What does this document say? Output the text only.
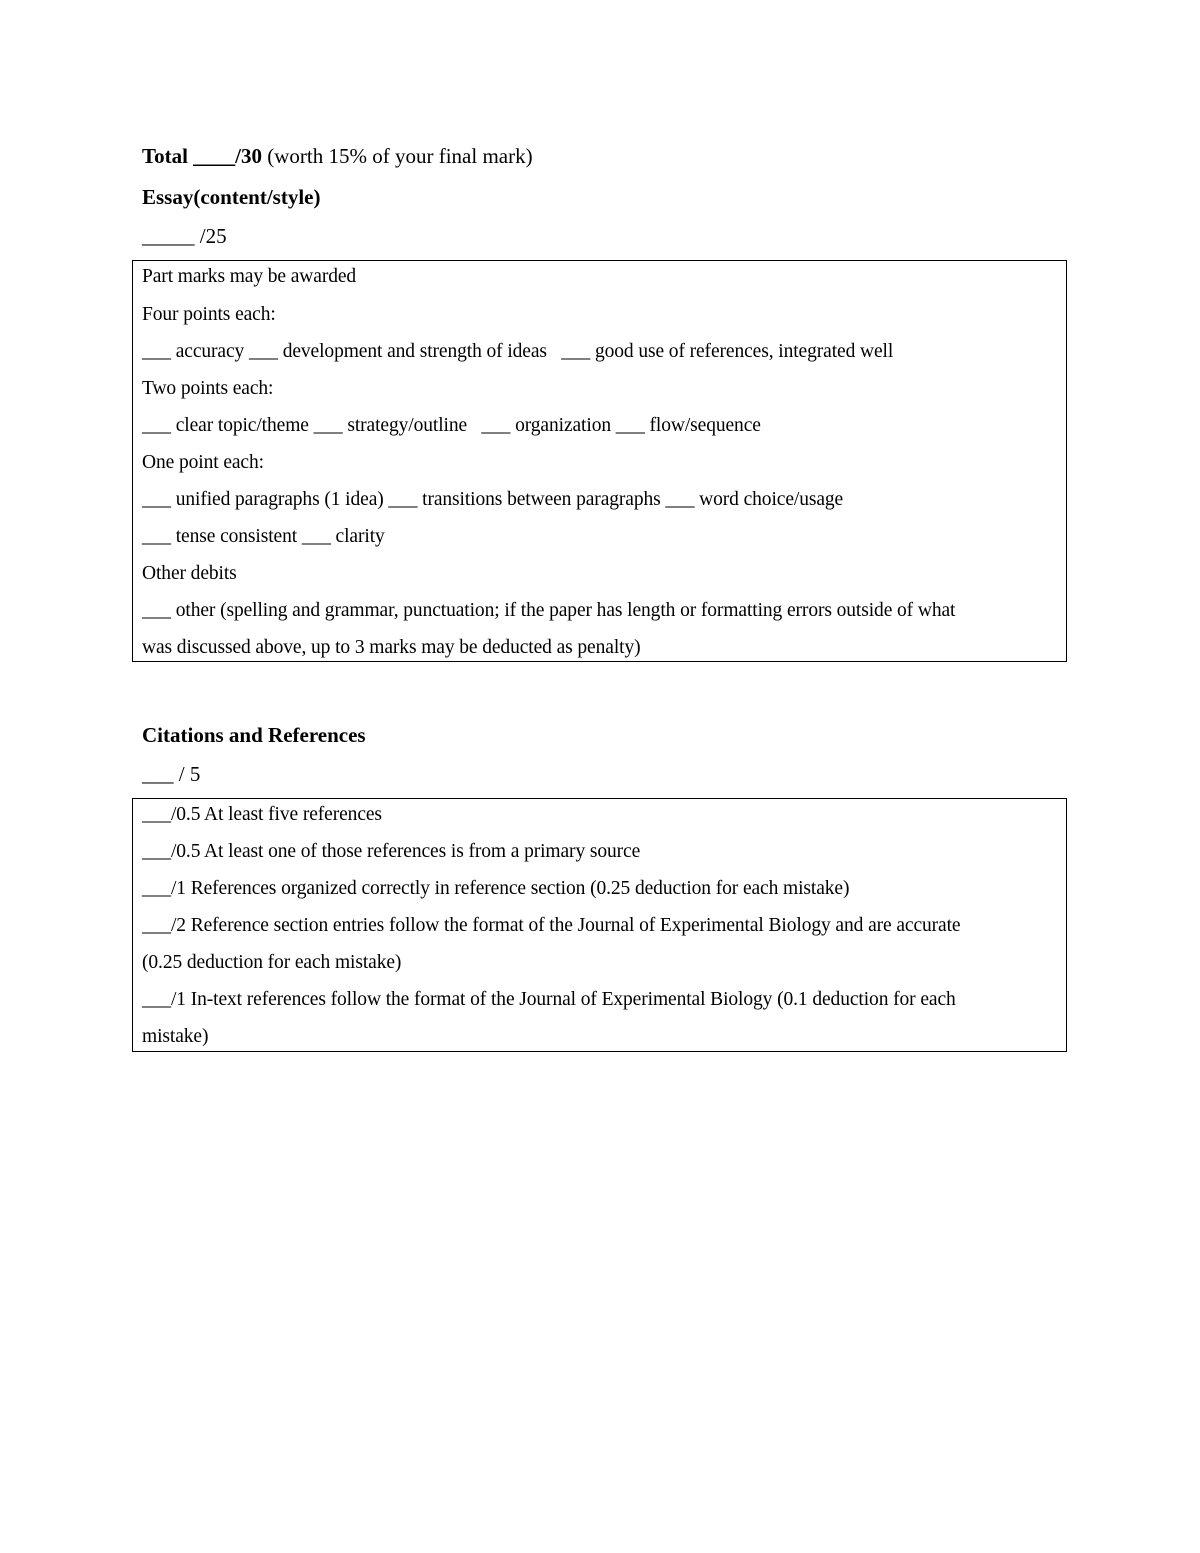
Total ____/30 (worth 15% of your final mark)
Essay(content/style)
_____ /25
Part marks may be awarded
Four points each:
___ accuracy ___ development and strength of ideas   ___ good use of references, integrated well
Two points each:
___ clear topic/theme ___ strategy/outline   ___ organization ___ flow/sequence
One point each:
___ unified paragraphs (1 idea) ___ transitions between paragraphs ___ word choice/usage
___ tense consistent ___ clarity
Other debits
___ other (spelling and grammar, punctuation; if the paper has length or formatting errors outside of what
was discussed above, up to 3 marks may be deducted as penalty)
Citations and References
___ / 5
___/0.5 At least five references
___/0.5 At least one of those references is from a primary source
___/1 References organized correctly in reference section (0.25 deduction for each mistake)
___/2 Reference section entries follow the format of the Journal of Experimental Biology and are accurate
(0.25 deduction for each mistake)
___/1 In-text references follow the format of the Journal of Experimental Biology (0.1 deduction for each
mistake)
